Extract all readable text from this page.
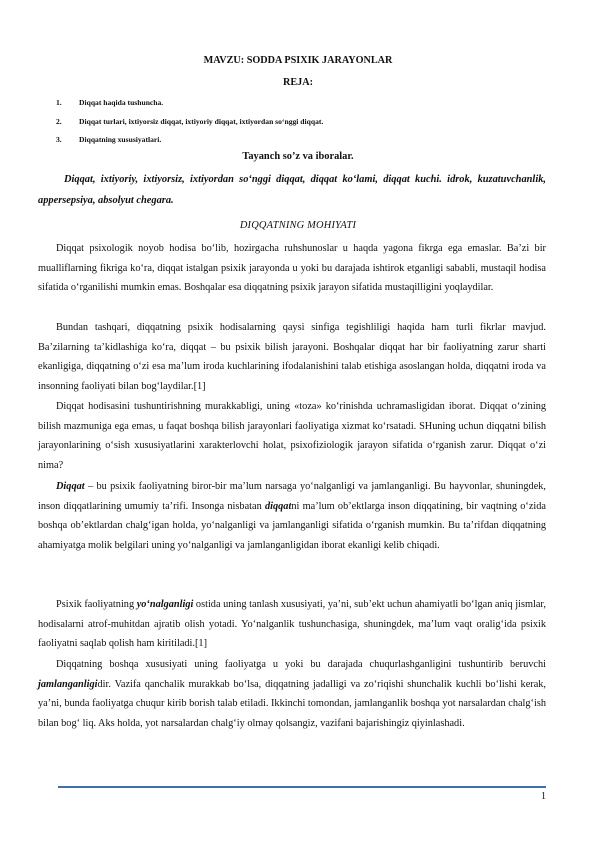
MAVZU: SODDA PSIXIK JARAYONLAR
REJA:
1. Diqqat haqida tushuncha.
2. Diqqat turlari, ixtiyorsiz diqqat, ixtiyoriy diqqat, ixtiyordan so‘nggi diqqat.
3. Diqqatning xususiyatlari.
Tayanch so’z va iboralar.
Diqqat, ixtiyoriy, ixtiyorsiz, ixtiyordan so‘nggi diqqat, diqqat ko‘lami, diqqat kuchi. idrok, kuzatuvchanlik, appersepsiya, absolyut chegara.
DIQQATNING MOHIYATI

Diqqat psixologik noyob hodisa bo‘lib, hozirgacha ruhshunoslar u haqda yagona fikrga ega emaslar. Ba’zi bir mualliflarning fikriga ko‘ra, diqqat istalgan psixik jarayonda u yoki bu darajada ishtirok etganligi sababli, mustaqil hodisa sifatida o‘rganilishi mumkin emas. Boshqalar esa diqqatning psixik jarayon sifatida mustaqilligini yoqlaydilar.

Bundan tashqari, diqqatning psixik hodisalarning qaysi sinfiga tegishliligi haqida ham turli fikrlar mavjud. Ba’zilarning ta’kidlashiga ko‘ra, diqqat – bu psixik bilish jarayoni. Boshqalar diqqat har bir faoliyatning zarur sharti ekanligiga, diqqatning o‘zi esa ma’lum iroda kuchlarining ifodalanishini talab etishiga asoslangan holda, diqqatni iroda va insonning faoliyati bilan bog‘laydilar.[1]

Diqqat hodisasini tushuntirishning murakkabligi, uning «toza» ko‘rinishda uchramasligidan iborat. Diqqat o‘zining bilish mazmuniga ega emas, u faqat boshqa bilish jarayonlari faoliyatiga xizmat ko‘rsatadi. SHuning uchun diqqatni bilish jarayonlarining o‘sish xususiyatlarini xarakterlovchi holat, psixofiziologik jarayon sifatida o‘rganish zarur. Diqqat o‘zi nima?

Diqqat – bu psixik faoliyatning biror-bir ma’lum narsaga yo‘nalganligi va jamlanganligi. Bu hayvonlar, shuningdek, inson diqqatlarining umumiy ta’rifi. Insonga nisbatan diqqatni ma’lum ob’ektlarga inson diqqatining, bir vaqtning o‘zida boshqa ob’ektlardan chalg‘igan holda, yo‘nalganligi va jamlanganligi sifatida o‘rganish mumkin. Bu ta’rifdan diqqatning ahamiyatga molik belgilari uning yo‘nalganligi va jamlanganligidan iborat ekanligi kelib chiqadi.

Psixik faoliyatning yo‘nalganligi ostida uning tanlash xususiyati, ya’ni, sub’ekt uchun ahamiyatli bo‘lgan aniq jismlar, hodisalarni atrof-muhitdan ajratib olish yotadi. Yo‘nalganlik tushunchasiga, shuningdek, ma’lum vaqt oralig‘ida psixik faoliyatni saqlab qolish ham kiritiladi.[1]

Diqqatning boshqa xususiyati uning faoliyatga u yoki bu darajada chuqurlashganligini tushuntirib beruvchi jamlanganligidir. Vazifa qanchalik murakkab bo‘lsa, diqqatning jadalligi va zo‘riqishi shunchalik kuchli bo‘lishi kerak, ya’ni, bunda faoliyatga chuqur kirib borish talab etiladi. Ikkinchi tomondan, jamlanganlik boshqa yot narsalardan chalg‘ish bilan bog‘ liq. Aks holda, yot narsalardan chalg‘iy olmay qolsangiz, vazifani bajarishingiz qiyinlashadi.

1
